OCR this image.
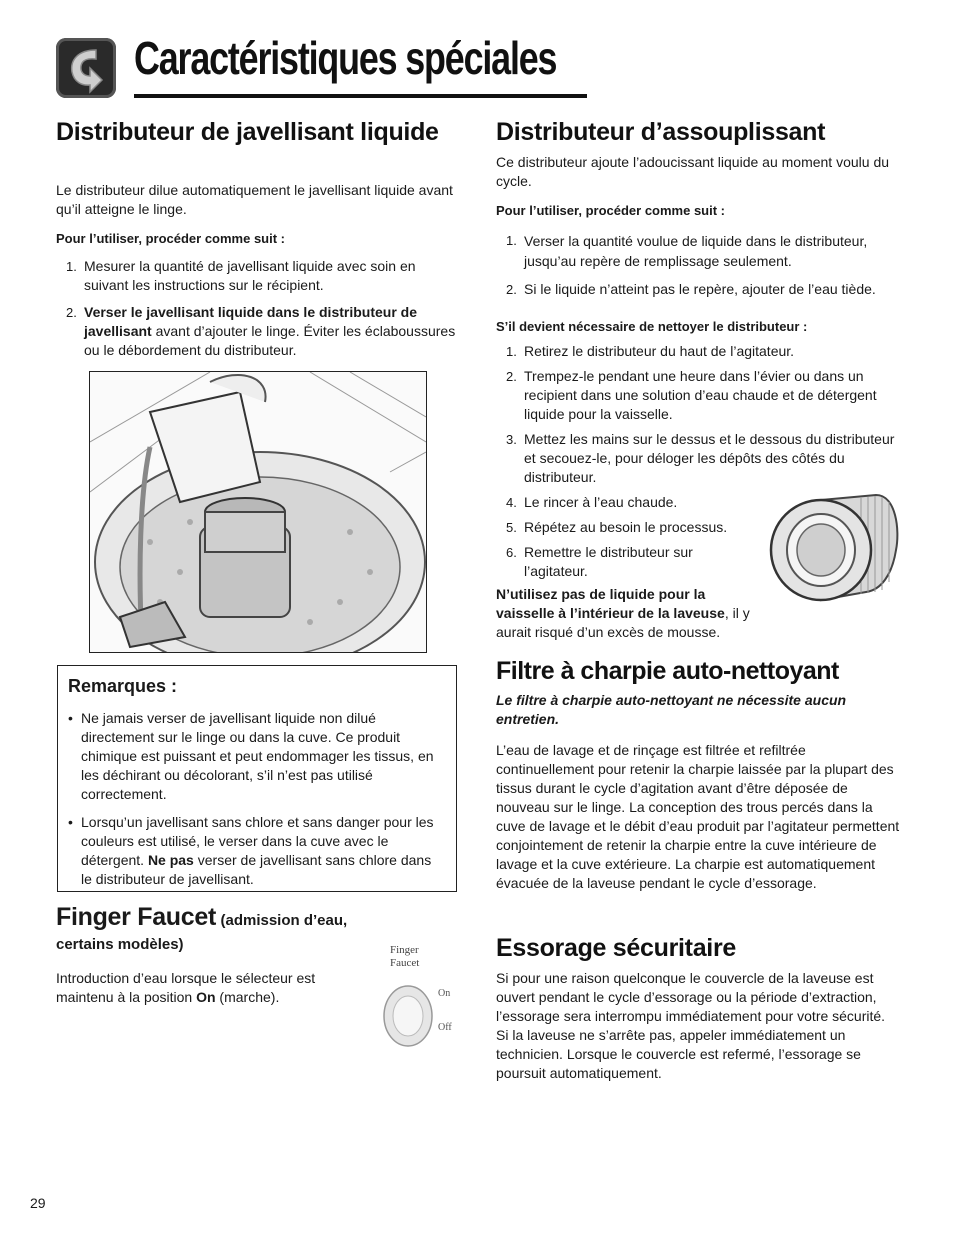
Caractéristiques spéciales
Distributeur de javellisant liquide

Le distributeur dilue automatiquement le javellisant liquide avant qu’il atteigne le linge.

Pour l’utiliser, procéder comme suit :

1. Mesurer la quantité de javellisant liquide avec soin en suivant les instructions sur le récipient.
2. Verser le javellisant liquide dans le distributeur de javellisant avant d’ajouter le linge. Éviter les éclaboussures ou le débordement du distributeur.
Remarques :
• Ne jamais verser de javellisant liquide non dilué directement sur le linge ou dans la cuve. Ce produit chimique est puissant et peut endommager les tissus, en les déchirant ou décolorant, s’il n’est pas utilisé correctement.
• Lorsqu’un javellisant sans chlore et sans danger pour les couleurs est utilisé, le verser dans la cuve avec le détergent. Ne pas verser de javellisant sans chlore dans le distributeur de javellisant.
Finger Faucet (admission d’eau,
certains modèles)

Introduction d’eau lorsque le sélecteur est maintenu à la position On (marche).

Finger
Faucet
On
Off
Distributeur d’assouplissant

Ce distributeur ajoute l’adoucissant liquide au moment voulu du cycle.

Pour l’utiliser, procéder comme suit :

1. Verser la quantité voulue de liquide dans le distributeur, jusqu’au repère de remplissage seulement.
2. Si le liquide n’atteint pas le repère, ajouter de l’eau tiède.

S’il devient nécessaire de nettoyer le distributeur :

1. Retirez le distributeur du haut de l’agitateur.
2. Trempez-le pendant une heure dans l’évier ou dans un recipient dans une solution d’eau chaude et de détergent liquide pour la vaisselle.
3. Mettez les mains sur le dessus et le dessous du distributeur et secouez-le, pour déloger les dépôts des côtés du distributeur.
4. Le rincer à l’eau chaude.
5. Répétez au besoin le processus.
6. Remettre le distributeur sur l’agitateur.

N’utilisez pas de liquide pour la vaisselle à l’intérieur de la laveuse, il y aurait risqué d’un excès de mousse.

Filtre à charpie auto-nettoyant

Le filtre à charpie auto-nettoyant ne nécessite aucun entretien.

L’eau de lavage et de rinçage est filtrée et refiltrée continuellement pour retenir la charpie laissée par la plupart des tissus durant le cycle d’agitation avant d’être déposée de nouveau sur le linge. La conception des trous percés dans la cuve de lavage et le débit d’eau produit par l’agitateur permettent conjointement de retenir la charpie entre la cuve intérieure de lavage et la cuve extérieure. La charpie est automatiquement évacuée de la laveuse pendant le cycle d’essorage.

Essorage sécuritaire

Si pour une raison quelconque le couvercle de la laveuse est ouvert pendant le cycle d’essorage ou la période d’extraction, l’essorage sera interrompu immédiatement pour votre sécurité. Si la laveuse ne s’arrête pas, appeler immédiatement un technicien. Lorsque le couvercle est refermé, l’essorage se poursuit automatiquement.

29
